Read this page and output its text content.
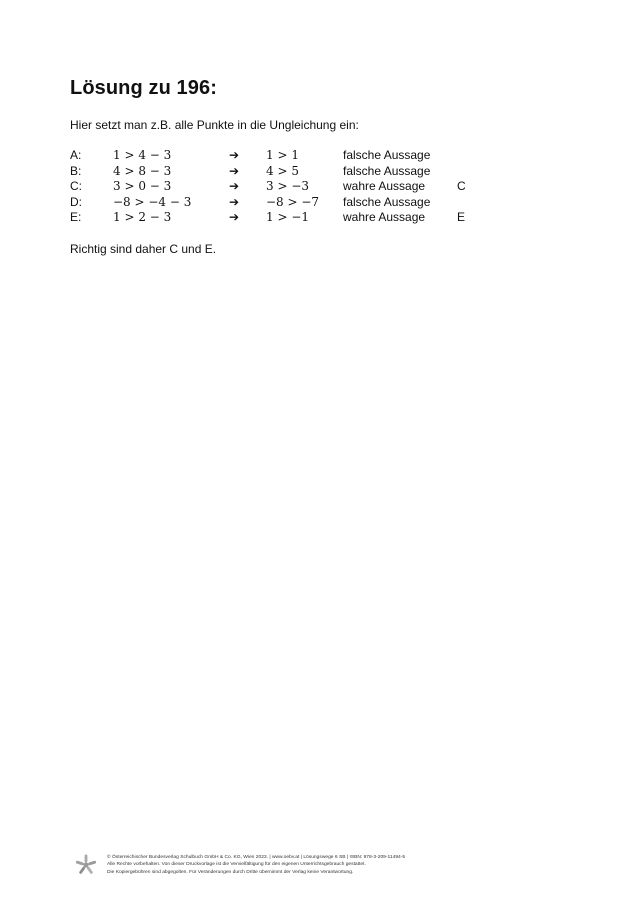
Lösung zu 196:
Hier setzt man z.B. alle Punkte in die Ungleichung ein:
A:	1 > 4 − 3	➔ 1 > 1	falsche Aussage
B:	4 > 8 − 3	➔ 4 > 5	falsche Aussage
C:	3 > 0 − 3	➔ 3 > −3	wahre Aussage	C
D:	−8 > −4 − 3	➔ −8 > −7 falsche Aussage
E:	1 > 2 − 3	➔ 1 > −1	wahre Aussage	E
Richtig sind daher C und E.
© Österreichischer Bundesverlag Schulbuch GmbH & Co. KG, Wien 2023. | www.oebv.at | Lösungswege 6 SB | ISBN: 978-3-209-11494-5
Alle Rechte vorbehalten. Von dieser Druckvorlage ist die Vervielfältigung für den eigenen Unterrichtsgebrauch gestattet.
Die Kopiergebühren sind abgegolten. Für Veränderungen durch Dritte übernimmt der Verlag keine Verantwortung.
